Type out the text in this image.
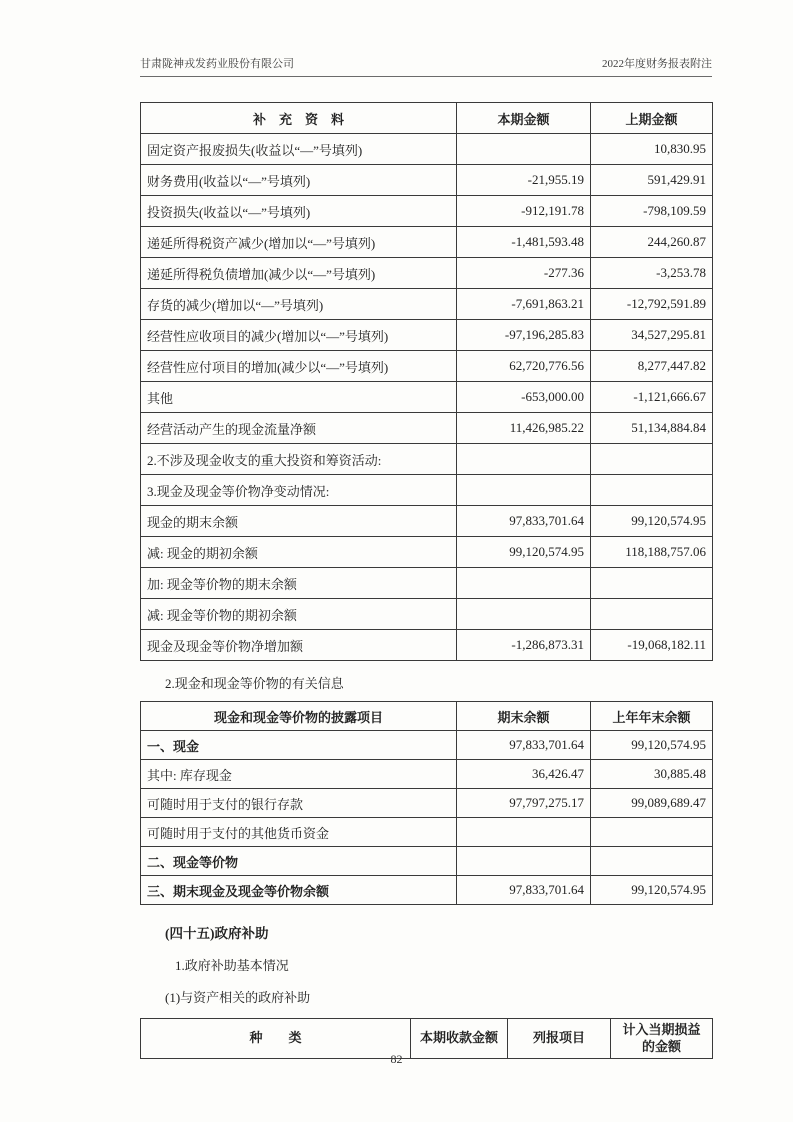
甘肃陇神戎发药业股份有限公司	2022年度财务报表附注
补　充　资　料	本期金额	上期金额
固定资产报废损失(收益以“—”号填列)		10,830.95
财务费用(收益以“—”号填列)	-21,955.19	591,429.91
投资损失(收益以“—”号填列)	-912,191.78	-798,109.59
递延所得税资产减少(增加以“—”号填列)	-1,481,593.48	244,260.87
递延所得税负债增加(减少以“—”号填列)	-277.36	-3,253.78
存货的减少(增加以“—”号填列)	-7,691,863.21	-12,792,591.89
经营性应收项目的减少(增加以“—”号填列)	-97,196,285.83	34,527,295.81
经营性应付项目的增加(减少以“—”号填列)	62,720,776.56	8,277,447.82
其他	-653,000.00	-1,121,666.67
经营活动产生的现金流量净额	11,426,985.22	51,134,884.84
2.不涉及现金收支的重大投资和筹资活动:		
3.现金及现金等价物净变动情况:		
现金的期末余额	97,833,701.64	99,120,574.95
减: 现金的期初余额	99,120,574.95	118,188,757.06
加: 现金等价物的期末余额		
减: 现金等价物的期初余额		
现金及现金等价物净增加额	-1,286,873.31	-19,068,182.11

2.现金和现金等价物的有关信息

现金和现金等价物的披露项目	期末余额	上年年末余额
一、现金	97,833,701.64	99,120,574.95
其中: 库存现金	36,426.47	30,885.48
可随时用于支付的银行存款	97,797,275.17	99,089,689.47
可随时用于支付的其他货币资金		
二、现金等价物		
三、期末现金及现金等价物余额	97,833,701.64	99,120,574.95

(四十五)政府补助

1.政府补助基本情况

(1)与资产相关的政府补助

种　　类	本期收款金额	列报项目	计入当期损益的金额
82
